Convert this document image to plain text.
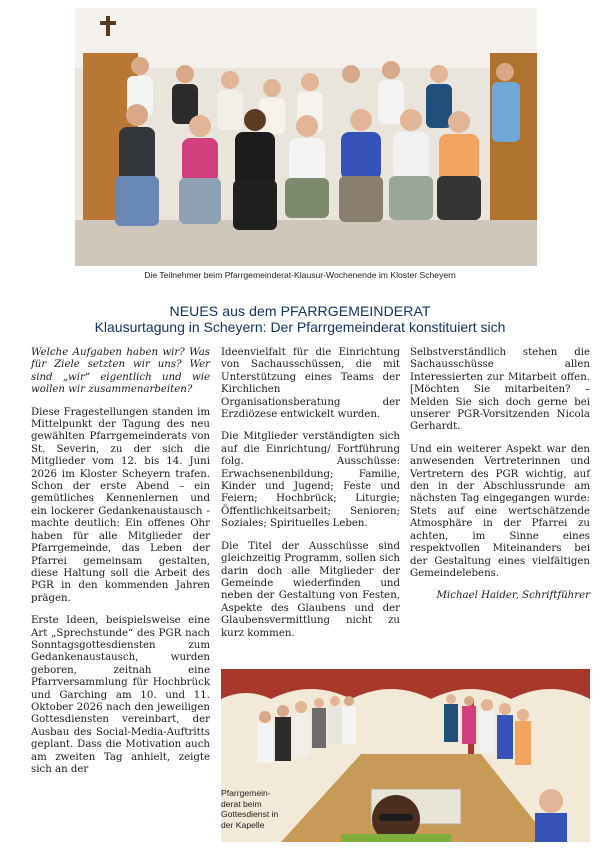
Die Teilnehmer beim Pfarrgemeinderat-Klausur-Wochenende im Kloster Scheyern
NEUES aus dem PFARRGEMEINDERAT
Klausurtagung in Scheyern: Der Pfarrgemeinderat konstituiert sich

Welche Aufgaben haben wir? Was für Ziele setzten wir uns? Wer sind „wir“ eigentlich und wie wollen wir zusammenarbeiten?

Diese Fragestellungen standen im Mittelpunkt der Tagung des neu gewählten Pfarrgemeinderats von St. Severin, zu der sich die Mitglieder vom 12. bis 14. Juni 2026 im Kloster Scheyern trafen. Schon der erste Abend – ein gemütliches Kennenlernen und ein lockerer Gedankenaustausch - machte deutlich: Ein offenes Ohr haben für alle Mitglieder der Pfarrgemeinde, das Leben der Pfarrei gemeinsam gestalten, diese Haltung soll die Arbeit des PGR in den kommenden Jahren prägen.

Erste Ideen, beispielsweise eine Art „Sprechstunde“ des PGR nach Sonntagsgottesdiensten zum Gedankenaustausch, wurden geboren, zeitnah eine Pfarrversammlung für Hochbrück und Garching am 10. und 11. Oktober 2026 nach den jeweiligen Gottesdiensten vereinbart, der Ausbau des Social-Media-Auftritts geplant. Dass die Motivation auch am zweiten Tag anhielt, zeigte sich an der

Ideenvielfalt für die Einrichtung von Sachausschüssen, die mit Unterstützung eines Teams der Kirchlichen Organisationsberatung der Erzdiözese entwickelt wurden.

Die Mitglieder verständigten sich auf die Einrichtung/ Fortführung folg. Ausschüsse: Erwachsenenbildung; Familie, Kinder und Jugend; Feste und Feiern; Hochbrück; Liturgie; Öffentlichkeitsarbeit; Senioren; Soziales; Spirituelles Leben.

Die Titel der Ausschüsse sind gleichzeitig Programm, sollen sich darin doch alle Mitglieder der Gemeinde wiederfinden und neben der Gestaltung von Festen, Aspekte des Glaubens und der Glaubensvermittlung nicht zu kurz kommen.

Selbstverständlich stehen die Sachausschüsse allen Interessierten zur Mitarbeit offen. [Möchten Sie mitarbeiten? – Melden Sie sich doch gerne bei unserer PGR-Vorsitzenden Nicola Gerhardt.

Und ein weiterer Aspekt war den anwesenden Vertreterinnen und Vertretern des PGR wichtig, auf den in der Abschlussrunde am nächsten Tag eingegangen wurde: Stets auf eine wertschätzende Atmosphäre in der Pfarrei zu achten, im Sinne eines respektvollen Miteinanders bei der Gestaltung eines vielfältigen Gemeindelebens.

Michael Haider, Schriftführer

Pfarrgemein-derat beim Gottesdienst in der Kapelle
